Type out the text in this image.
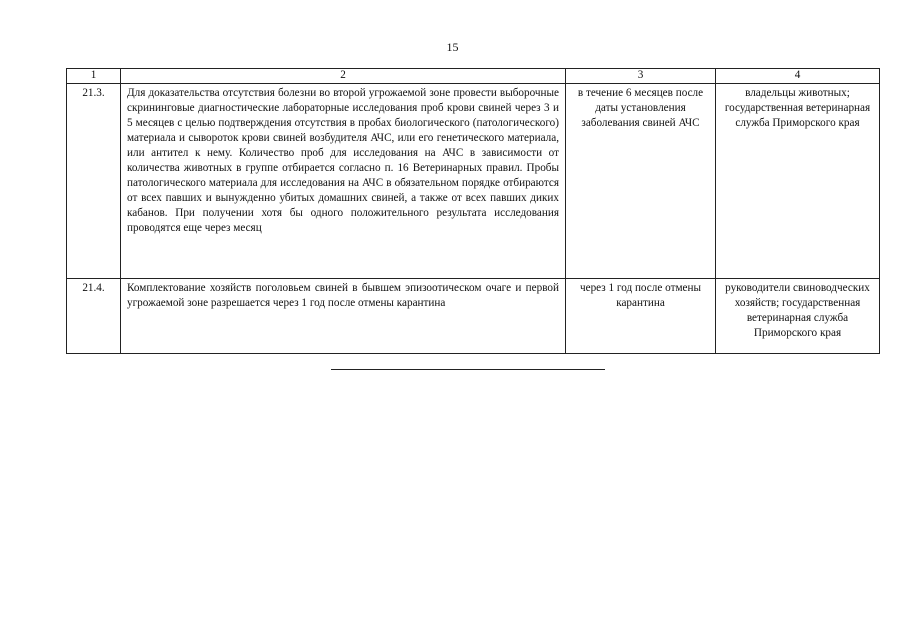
15
1	2	3	4
21.3.	Для доказательства отсутствия болезни во второй угрожаемой зоне провести выборочные скрининговые диагностические лабораторные исследования проб крови свиней через 3 и 5 месяцев с целью подтверждения отсутствия в пробах биологического (патологического) материала и сывороток крови свиней возбудителя АЧС, или его генетического материала, или антител к нему. Количество проб для исследования на АЧС в зависимости от количества животных в группе отбирается согласно п. 16 Ветеринарных правил. Пробы патологического материала для исследования на АЧС в обязательном порядке отбираются от всех павших и вынужденно убитых домашних свиней, а также от всех павших диких кабанов. При получении хотя бы одного положительного результата исследования проводятся еще через месяц	в течение 6 месяцев после даты установления заболевания свиней АЧС	владельцы животных; государственная ветеринарная служба Приморского края
21.4.	Комплектование хозяйств поголовьем свиней в бывшем эпизоотическом очаге и первой угрожаемой зоне разрешается через 1 год после отмены карантина	через 1 год после отмены карантина	руководители свиноводческих хозяйств; государственная ветеринарная служба Приморского края
